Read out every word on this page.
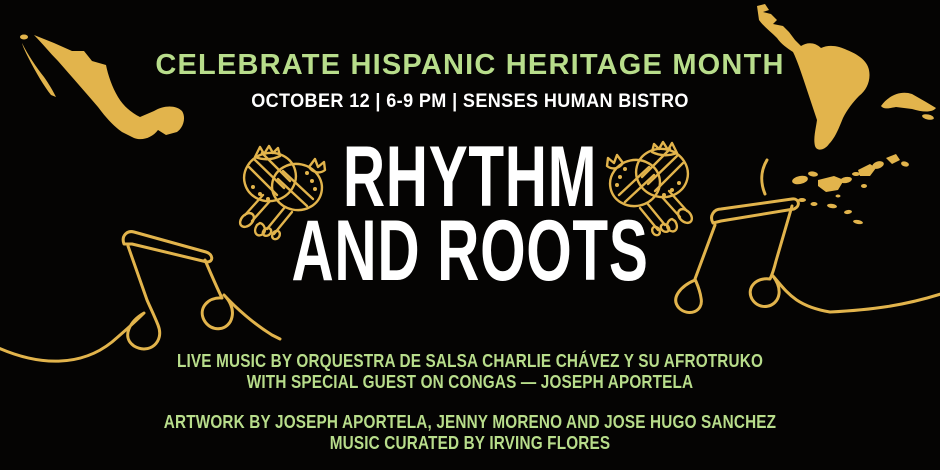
CELEBRATE HISPANIC HERITAGE MONTH
OCTOBER 12 | 6-9 PM | SENSES HUMAN BISTRO
RHYTHM
AND ROOTS
LIVE MUSIC BY ORQUESTRA DE SALSA CHARLIE CHÁVEZ Y SU AFROTRUKO
WITH SPECIAL GUEST ON CONGAS — JOSEPH APORTELA
ARTWORK BY JOSEPH APORTELA, JENNY MORENO AND JOSE HUGO SANCHEZ
MUSIC CURATED BY IRVING FLORES
